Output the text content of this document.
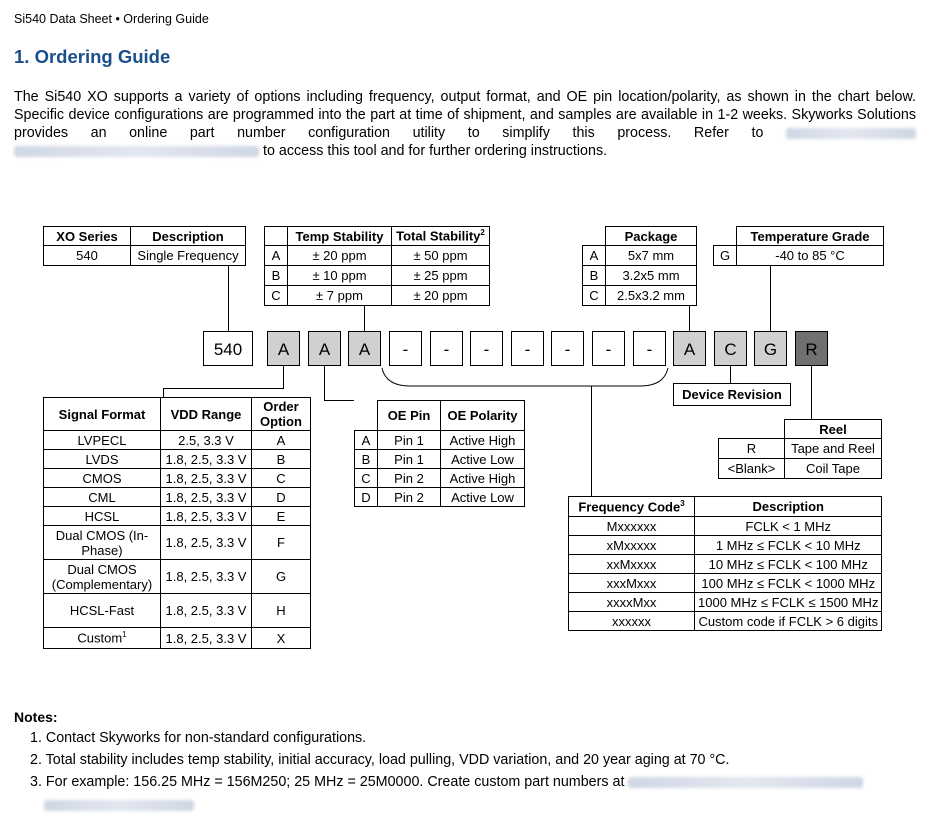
Si540 Data Sheet • Ordering Guide
1. Ordering Guide
The Si540 XO supports a variety of options including frequency, output format, and OE pin location/polarity, as shown in the chart below. Specific device configurations are programmed into the part at time of shipment, and samples are available in 1-2 weeks. Skyworks Solutions provides an online part number configuration utility to simplify this process. Refer to   to access this tool and for further ordering instructions.
XO Series	Description
540	Single Frequency
	Temp Stability	Total Stability$^2$
A	± 20 ppm	± 50 ppm
B	± 10 ppm	± 25 ppm
C	± 7 ppm	± 20 ppm
	Package
A	5x7 mm
B	3.2x5 mm
C	2.5x3.2 mm
	Temperature Grade
G	-40 to 85 °C
540	A	A	A	-	-	-	-	-	-	-	A	C	G	R
Device Revision
	Reel
R	Tape and Reel
<Blank>	Coil Tape
Signal Format	VDD Range	Order Option
LVPECL	2.5, 3.3 V	A
LVDS	1.8, 2.5, 3.3 V	B
CMOS	1.8, 2.5, 3.3 V	C
CML	1.8, 2.5, 3.3 V	D
HCSL	1.8, 2.5, 3.3 V	E
Dual CMOS (In-Phase)	1.8, 2.5, 3.3 V	F
Dual CMOS (Complementary)	1.8, 2.5, 3.3 V	G
HCSL-Fast	1.8, 2.5, 3.3 V	H
Custom$^1$	1.8, 2.5, 3.3 V	X
	OE Pin	OE Polarity
A	Pin 1	Active High
B	Pin 1	Active Low
C	Pin 2	Active High
D	Pin 2	Active Low
Frequency Code$^3$	Description
Mxxxxxx	FCLK < 1 MHz
xMxxxxx	1 MHz ≤ FCLK < 10 MHz
xxMxxxx	10 MHz ≤ FCLK < 100 MHz
xxxMxxx	100 MHz ≤ FCLK < 1000 MHz
xxxxMxx	1000 MHz ≤ FCLK ≤ 1500 MHz
xxxxxx	Custom code if FCLK > 6 digits
Notes:
1. Contact Skyworks for non-standard configurations.
2. Total stability includes temp stability, initial accuracy, load pulling, VDD variation, and 20 year aging at 70 °C.
3. For example: 156.25 MHz = 156M250; 25 MHz = 25M0000. Create custom part numbers at
